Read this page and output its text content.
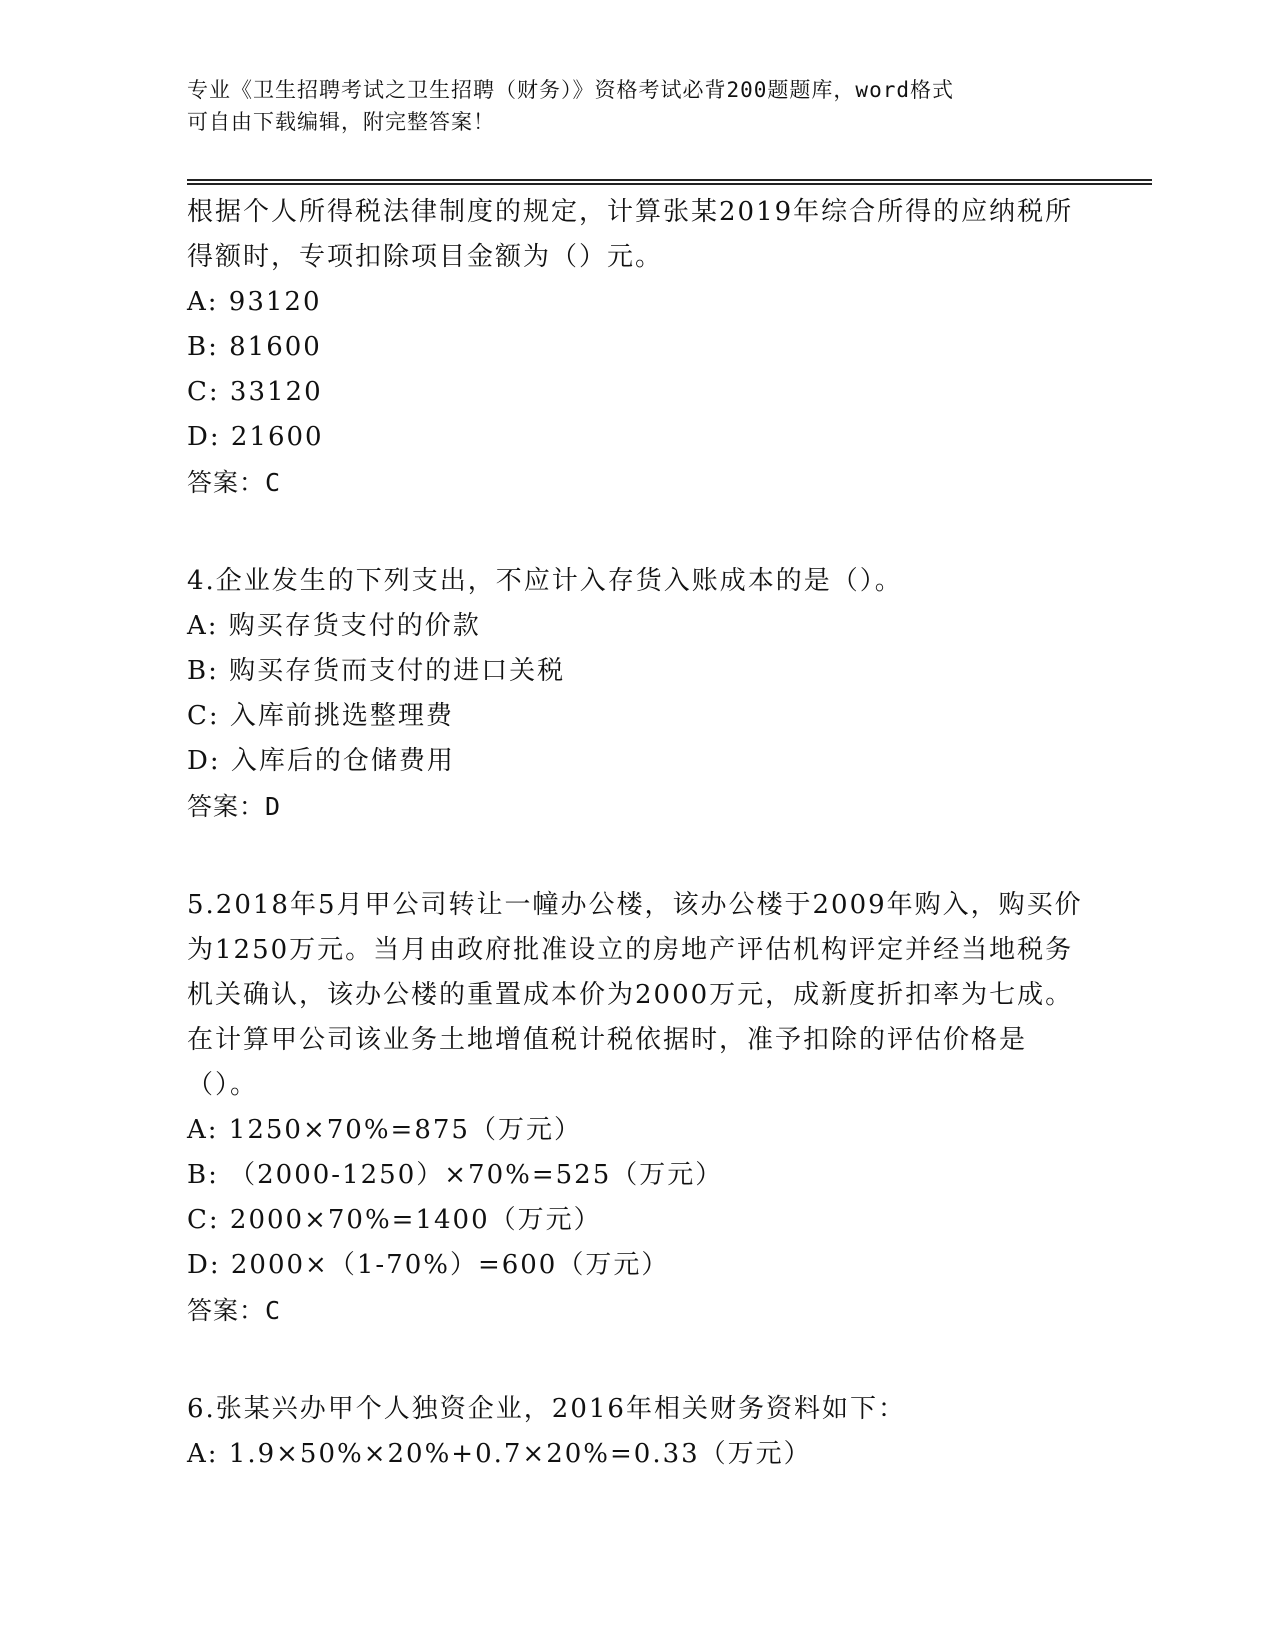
专业《卫生招聘考试之卫生招聘（财务）》资格考试必背200题题库，word格式
可自由下载编辑，附完整答案！

根据个人所得税法律制度的规定，计算张某2019年综合所得的应纳税所得额时，专项扣除项目金额为（）元。

A: 93120

B: 81600

C: 33120

D: 21600

答案：C

4.企业发生的下列支出，不应计入存货入账成本的是（）。

A: 购买存货支付的价款

B: 购买存货而支付的进口关税

C: 入库前挑选整理费

D: 入库后的仓储费用

答案：D

5.2018年5月甲公司转让一幢办公楼，该办公楼于2009年购入，购买价为1250万元。当月由政府批准设立的房地产评估机构评定并经当地税务机关确认，该办公楼的重置成本价为2000万元，成新度折扣率为七成。在计算甲公司该业务土地增值税计税依据时，准予扣除的评估价格是（）。

A: 1250×70%=875（万元）

B: （2000-1250）×70%=525（万元）

C: 2000×70%=1400（万元）

D: 2000×（1-70%）=600（万元）

答案：C

6.张某兴办甲个人独资企业，2016年相关财务资料如下：

A: 1.9×50%×20%+0.7×20%=0.33（万元）
